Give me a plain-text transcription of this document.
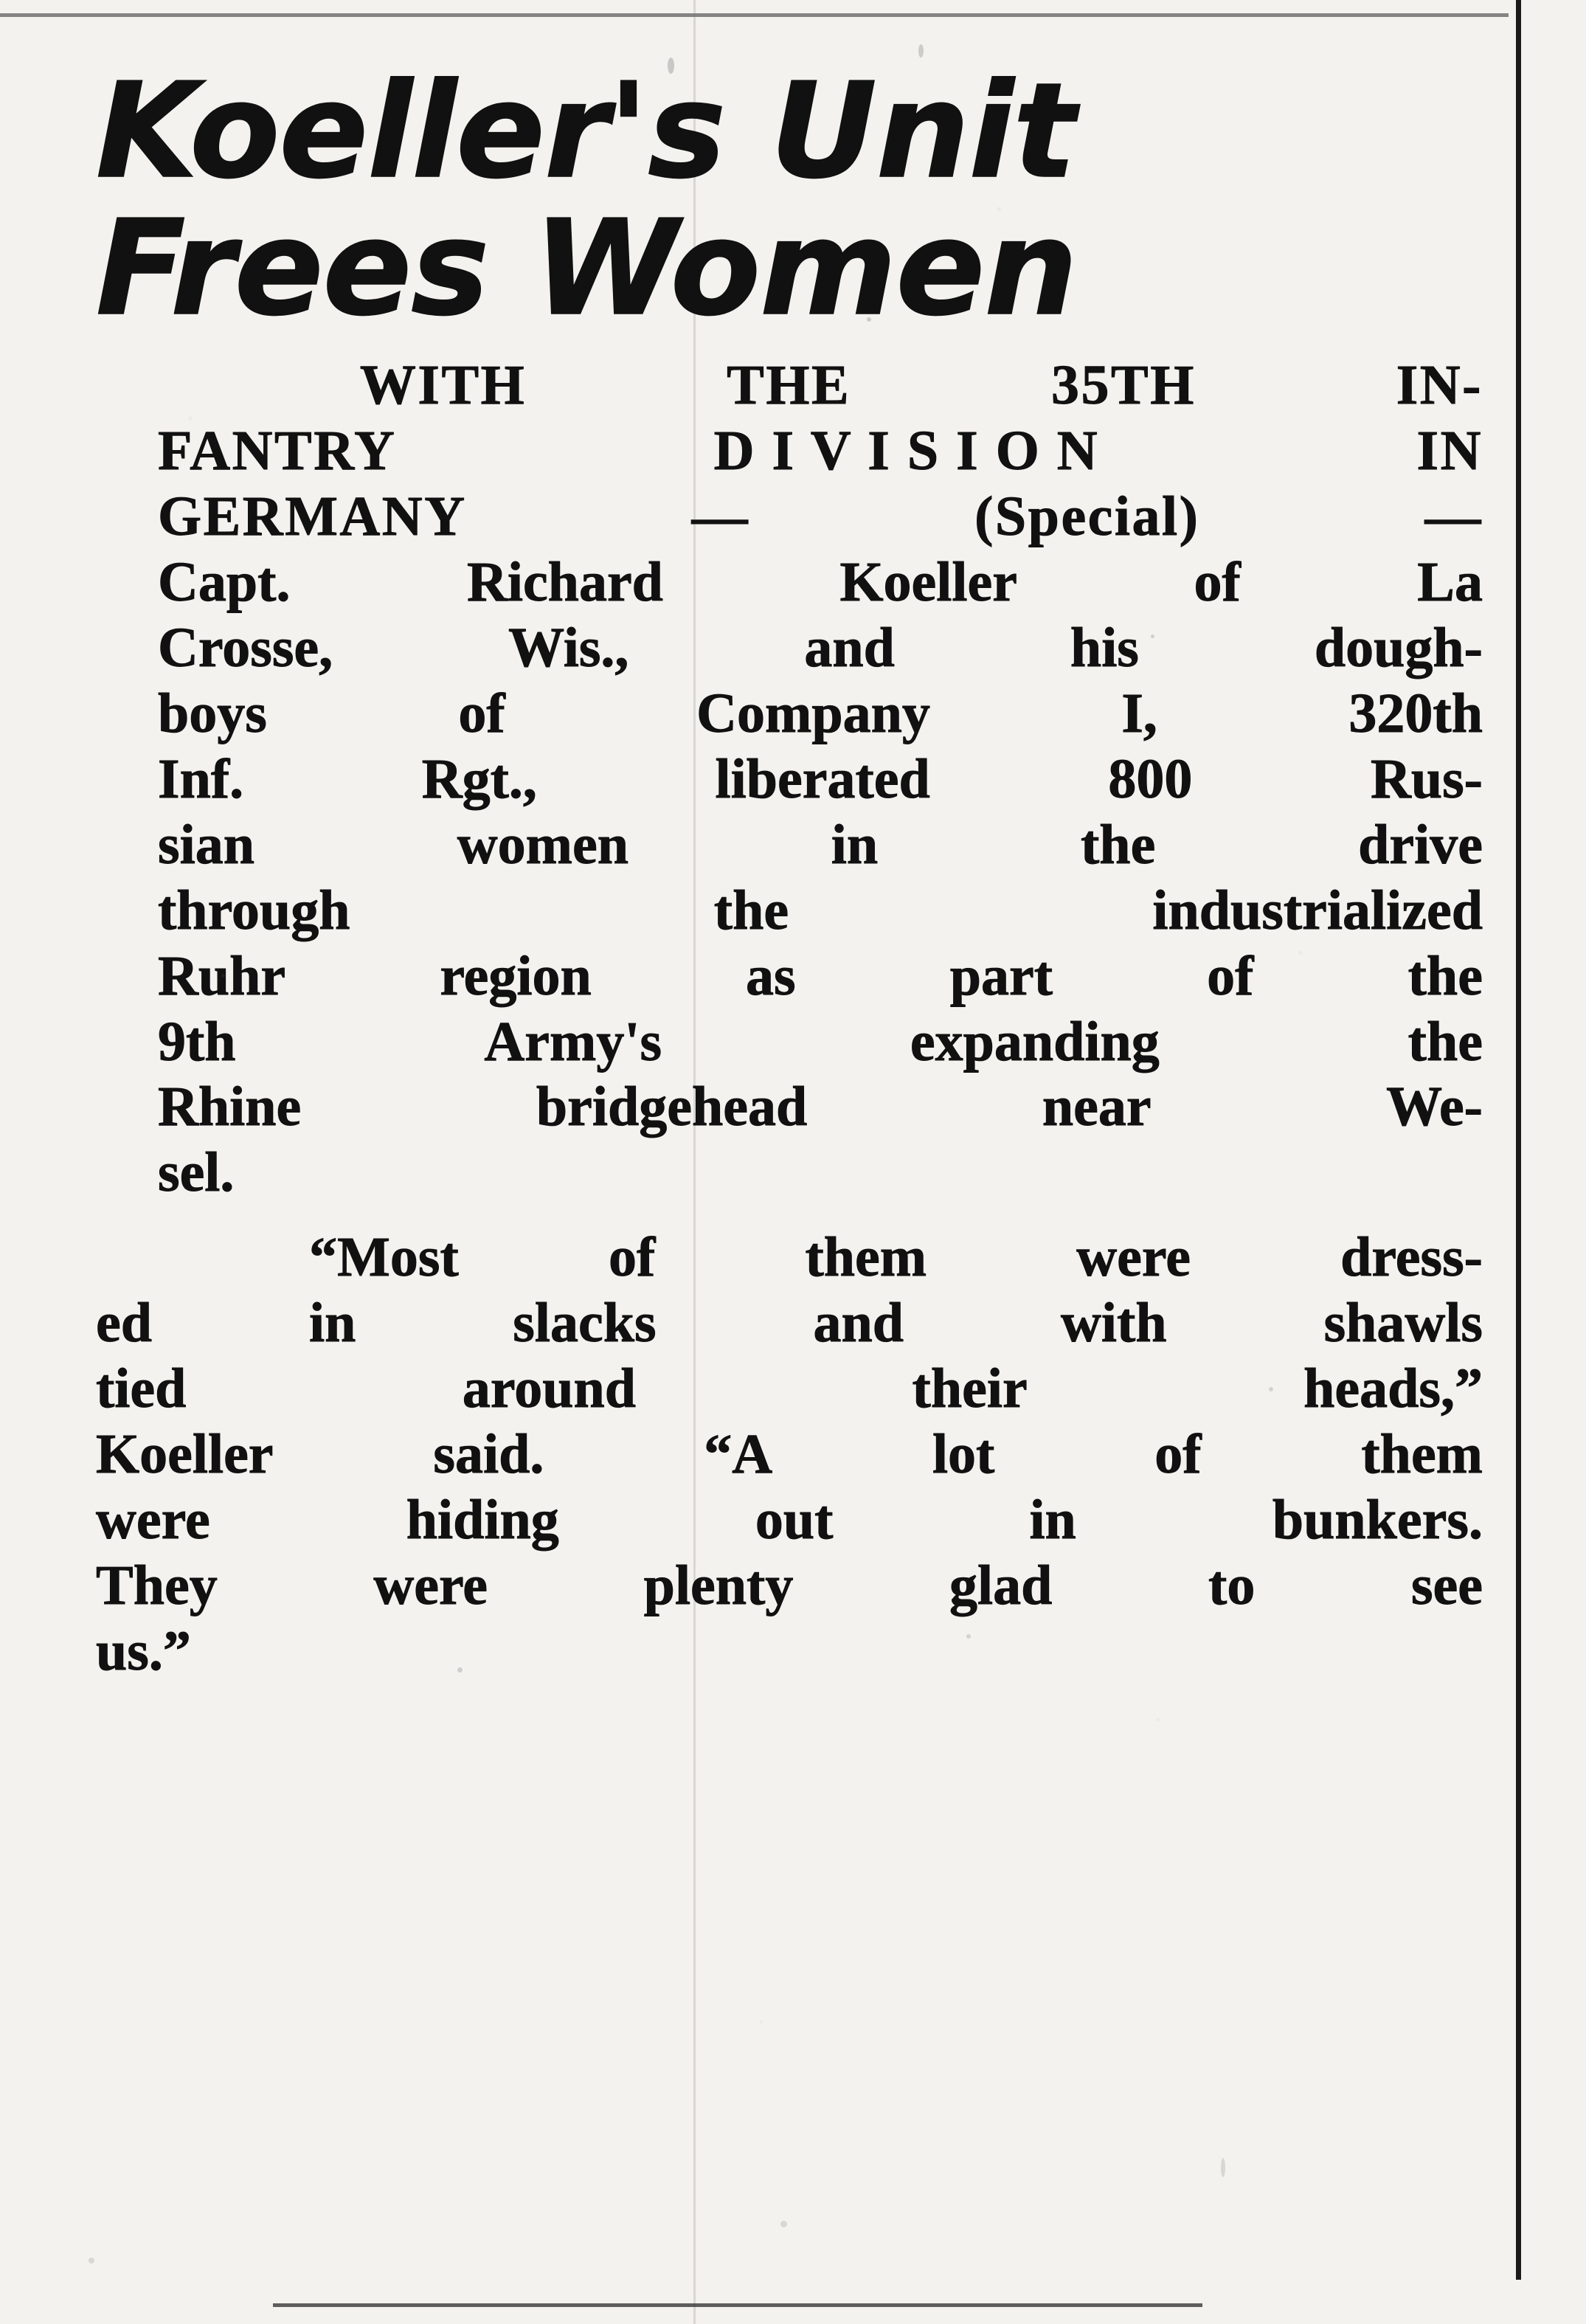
Koeller's Unit
Frees Women
WITH	THE	35TH	IN-
FANTRY	D I V I S I O N	IN
GERMANY	—	(Special)	—
Capt.	Richard	Koeller	of	La
Crosse,	Wis.,	and	his	dough-
boys	of	Company	I,	320th
Inf.	Rgt.,	liberated	800	Rus-
sian	women	in	the	drive
through	the	industrialized
Ruhr	region	as	part	of	the
9th	Army's	expanding	the
Rhine	bridgehead	near	We-
sel.
“Most	of	them	were	dress-
ed	in	slacks	and	with	shawls
tied	around	their	heads,”
Koeller	said.	“A	lot	of	them
were	hiding	out	in	bunkers.
They	were	plenty	glad	to	see
us.”
